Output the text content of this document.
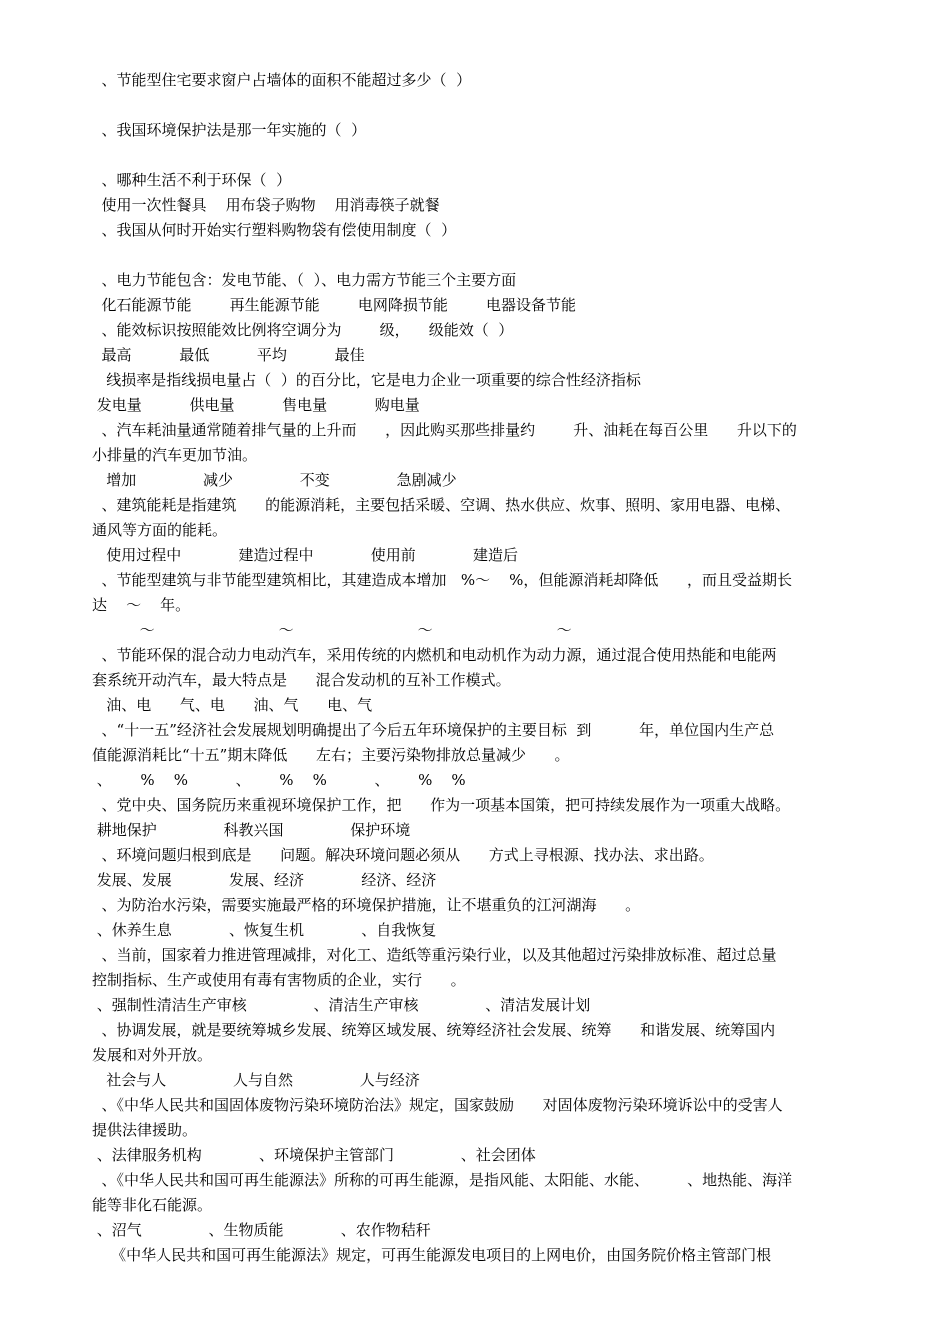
、节能型住宅要求窗户占墙体的面积不能超过多少（  ）

、我国环境保护法是那一年实施的（  ）

、哪种生活不利于环保（  ）

使用一次性餐具    用布袋子购物    用消毒筷子就餐

、我国从何时开始实行塑料购物袋有偿使用制度（  ）

、电力节能包含：发电节能、（  ）、电力需方节能三个主要方面

化石能源节能        再生能源节能        电网降损节能        电器设备节能

、能效标识按照能效比例将空调分为        级，    级能效（  ）

最高          最低          平均          最佳

线损率是指线损电量占（  ）的百分比，它是电力企业一项重要的综合性经济指标

发电量          供电量          售电量          购电量

、汽车耗油量通常随着排气量的上升而      ，因此购买那些排量约        升、油耗在每百公里      升以下的

小排量的汽车更加节油。

增加              减少              不变              急剧减少

、建筑能耗是指建筑      的能源消耗，主要包括采暖、空调、热水供应、炊事、照明、家用电器、电梯、

通风等方面的能耗。

使用过程中            建造过程中            使用前            建造后

、节能型建筑与非节能型建筑相比，其建造成本增加   %～    %，但能源消耗却降低      ，而且受益期长

达    ～    年。

～                          ～                          ～                          ～

、节能环保的混合动力电动汽车，采用传统的内燃机和电动机作为动力源，通过混合使用热能和电能两

套系统开动汽车，最大特点是      混合发动机的互补工作模式。

油、电      气、电      油、气      电、气

、“十一五”经济社会发展规划明确提出了今后五年环境保护的主要目标  到          年，单位国内生产总

值能源消耗比“十五”期末降低      左右；主要污染物排放总量减少      。

、      %    %          、      %    %          、      %    %

、党中央、国务院历来重视环境保护工作，把      作为一项基本国策，把可持续发展作为一项重大战略。

耕地保护              科教兴国              保护环境

、环境问题归根到底是      问题。解决环境问题必须从      方式上寻根源、找办法、求出路。

发展、发展            发展、经济            经济、经济

、为防治水污染，需要实施最严格的环境保护措施，让不堪重负的江河湖海      。

、休养生息            、恢复生机            、自我恢复

、当前，国家着力推进管理减排，对化工、造纸等重污染行业，以及其他超过污染排放标准、超过总量

控制指标、生产或使用有毒有害物质的企业，实行      。

、强制性清洁生产审核              、清洁生产审核              、清洁发展计划

、协调发展，就是要统筹城乡发展、统筹区域发展、统筹经济社会发展、统筹      和谐发展、统筹国内

发展和对外开放。

社会与人              人与自然              人与经济

、《中华人民共和国固体废物污染环境防治法》规定，国家鼓励      对固体废物污染环境诉讼中的受害人

提供法律援助。

、法律服务机构            、环境保护主管部门              、社会团体

、《中华人民共和国可再生能源法》所称的可再生能源，是指风能、太阳能、水能、        、地热能、海洋

能等非化石能源。

、沼气              、生物质能            、农作物秸秆

《中华人民共和国可再生能源法》规定，可再生能源发电项目的上网电价，由国务院价格主管部门根
